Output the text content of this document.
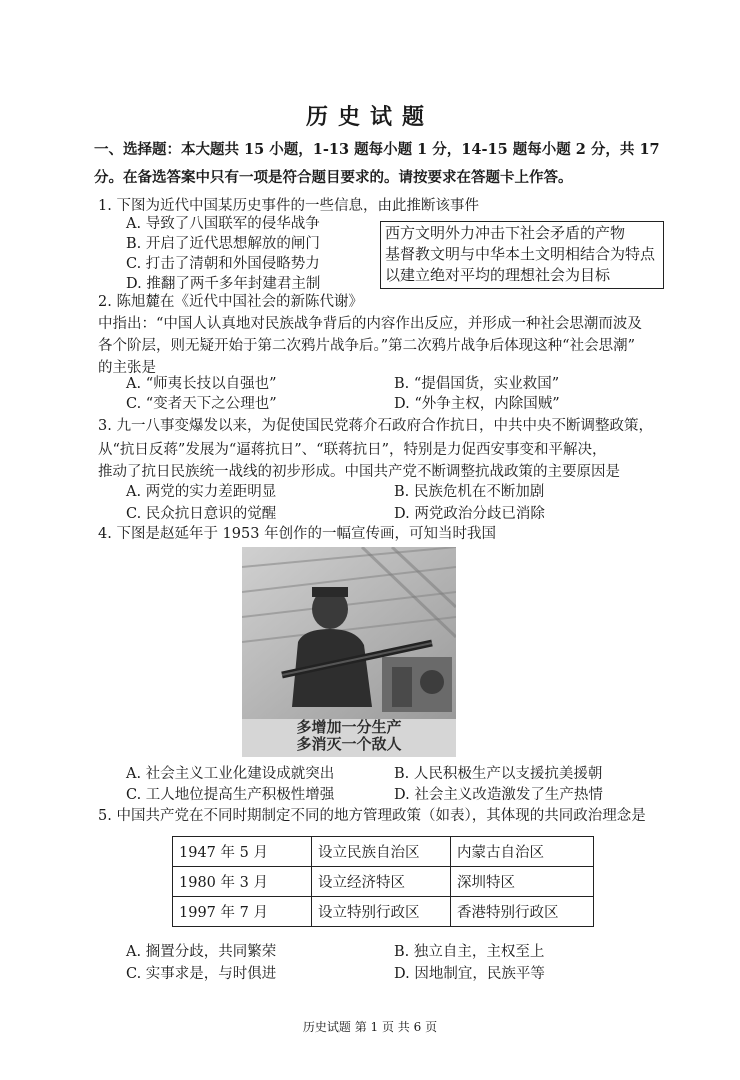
历史试题
一、选择题：本大题共 15 小题，1-13 题每小题 1 分，14-15 题每小题 2 分，共 17
分。在备选答案中只有一项是符合题目要求的。请按要求在答题卡上作答。
1. 下图为近代中国某历史事件的一些信息，由此推断该事件
A. 导致了八国联军的侵华战争
B. 开启了近代思想解放的闸门
C. 打击了清朝和外国侵略势力
D. 推翻了两千多年封建君主制
西方文明外力冲击下社会矛盾的产物
基督教文明与中华本土文明相结合为特点
以建立绝对平均的理想社会为目标
2. 陈旭麓在《近代中国社会的新陈代谢》
中指出：“中国人认真地对民族战争背后的内容作出反应，并形成一种社会思潮而波及
各个阶层，则无疑开始于第二次鸦片战争后。”第二次鸦片战争后体现这种“社会思潮”
的主张是
A. “师夷长技以自强也”	B. “提倡国货，实业救国”
C. “变者天下之公理也”	D. “外争主权，内除国贼”
3. 九一八事变爆发以来，为促使国民党蒋介石政府合作抗日，中共中央不断调整政策，
从“抗日反蒋”发展为“逼蒋抗日”、“联蒋抗日”，特别是力促西安事变和平解决，
推动了抗日民族统一战线的初步形成。中国共产党不断调整抗战政策的主要原因是
A. 两党的实力差距明显	B. 民族危机在不断加剧
C. 民众抗日意识的觉醒	D. 两党政治分歧已消除
4. 下图是赵延年于 1953 年创作的一幅宣传画，可知当时我国
多增加一分生产
多消灭一个敌人
A. 社会主义工业化建设成就突出	B. 人民积极生产以支援抗美援朝
C. 工人地位提高生产积极性增强	D. 社会主义改造激发了生产热情
5. 中国共产党在不同时期制定不同的地方管理政策（如表），其体现的共同政治理念是
1947 年 5 月	设立民族自治区	内蒙古自治区
1980 年 3 月	设立经济特区	深圳特区
1997 年 7 月	设立特别行政区	香港特别行政区
A. 搁置分歧，共同繁荣	B. 独立自主，主权至上
C. 实事求是，与时俱进	D. 因地制宜，民族平等
历史试题 第 1 页 共 6 页
